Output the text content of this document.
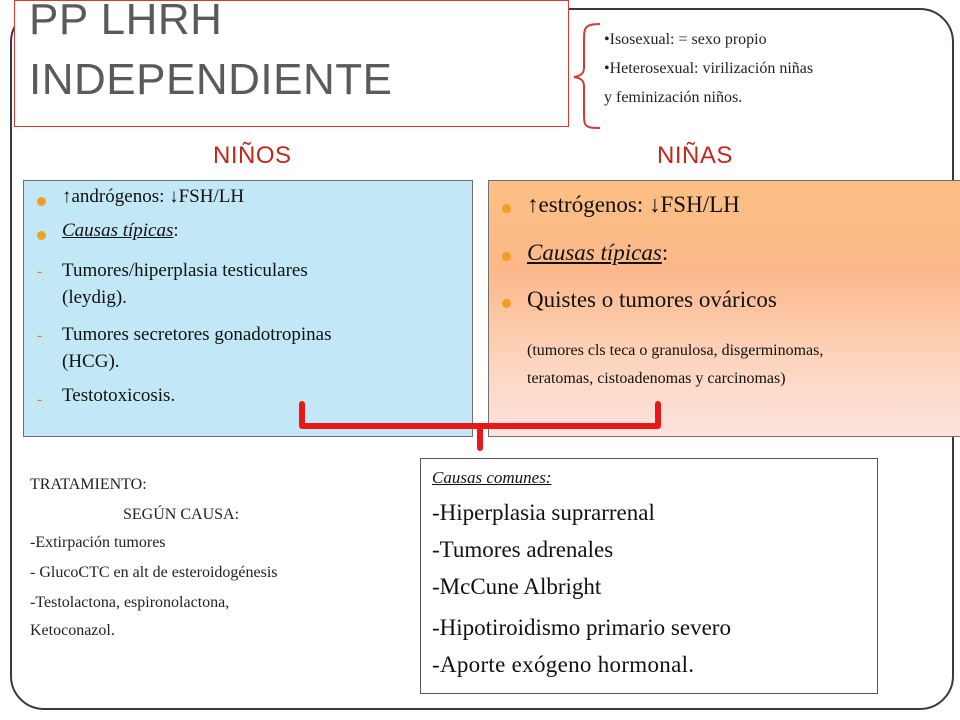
PP LHRH
INDEPENDIENTE
•Isosexual: = sexo propio
•Heterosexual: virilización niñas
y feminización niños.
NIÑOS	NIÑAS
↑andrógenos: ↓FSH/LH
Causas típicas:
- Tumores/hiperplasia testiculares
(leydig).
- Tumores secretores gonadotropinas
(HCG).
- Testotoxicosis.
↑estrógenos: ↓FSH/LH
Causas típicas:
Quistes o tumores ováricos
(tumores cls teca o granulosa, disgerminomas,
teratomas, cistoadenomas y carcinomas)
TRATAMIENTO:
SEGÚN CAUSA:
-Extirpación tumores
- GlucoCTC en alt de esteroidogénesis
-Testolactona, espironolactona,
Ketoconazol.
Causas comunes:
-Hiperplasia suprarrenal
-Tumores adrenales
-McCune Albright
-Hipotiroidismo primario severo
-Aporte exógeno hormonal.
